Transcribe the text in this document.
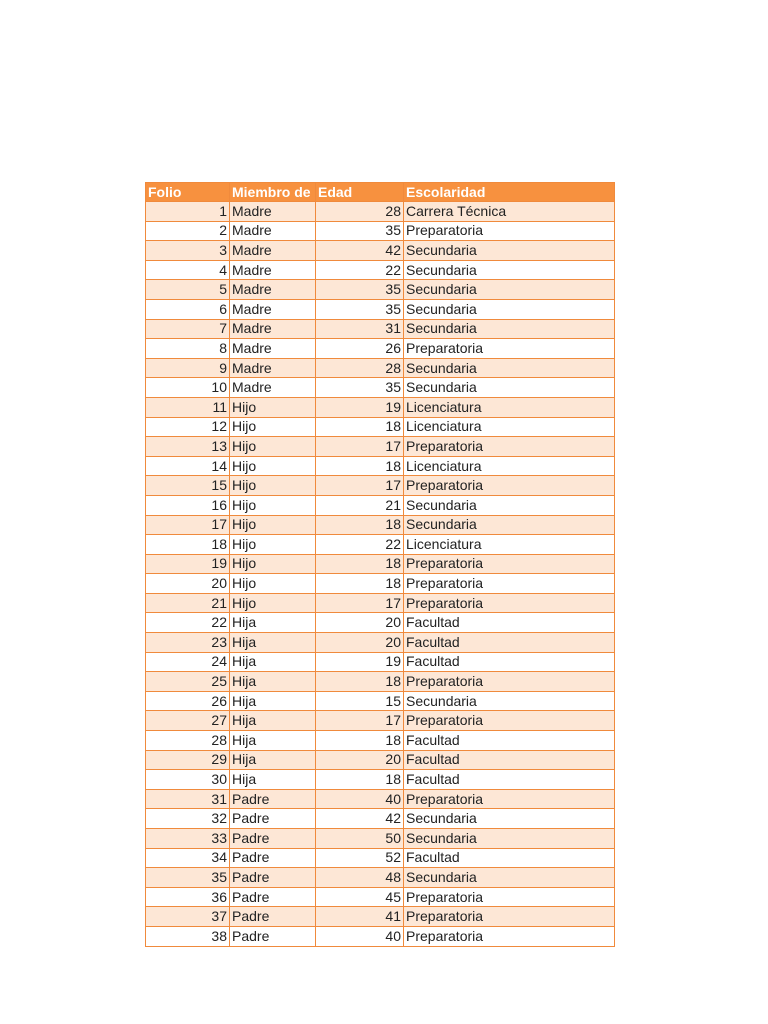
Folio	Miembro de	Edad	Escolaridad
1	Madre	28	Carrera Técnica
2	Madre	35	Preparatoria
3	Madre	42	Secundaria
4	Madre	22	Secundaria
5	Madre	35	Secundaria
6	Madre	35	Secundaria
7	Madre	31	Secundaria
8	Madre	26	Preparatoria
9	Madre	28	Secundaria
10	Madre	35	Secundaria
11	Hijo	19	Licenciatura
12	Hijo	18	Licenciatura
13	Hijo	17	Preparatoria
14	Hijo	18	Licenciatura
15	Hijo	17	Preparatoria
16	Hijo	21	Secundaria
17	Hijo	18	Secundaria
18	Hijo	22	Licenciatura
19	Hijo	18	Preparatoria
20	Hijo	18	Preparatoria
21	Hijo	17	Preparatoria
22	Hija	20	Facultad
23	Hija	20	Facultad
24	Hija	19	Facultad
25	Hija	18	Preparatoria
26	Hija	15	Secundaria
27	Hija	17	Preparatoria
28	Hija	18	Facultad
29	Hija	20	Facultad
30	Hija	18	Facultad
31	Padre	40	Preparatoria
32	Padre	42	Secundaria
33	Padre	50	Secundaria
34	Padre	52	Facultad
35	Padre	48	Secundaria
36	Padre	45	Preparatoria
37	Padre	41	Preparatoria
38	Padre	40	Preparatoria
